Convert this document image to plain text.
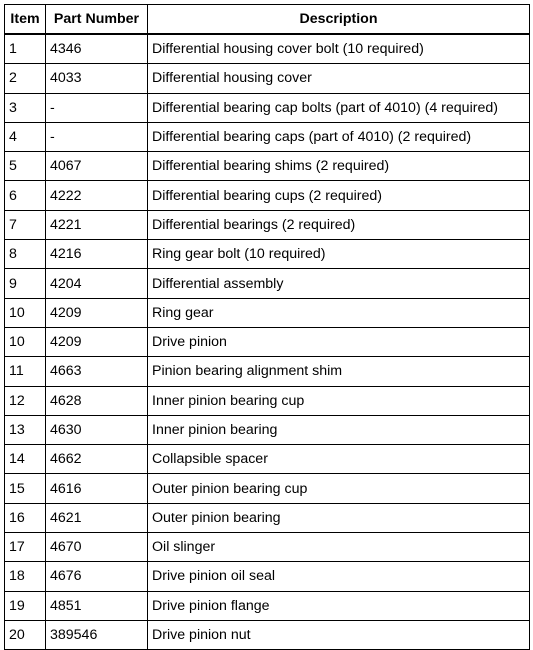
Item	Part Number	Description
1	4346	Differential housing cover bolt (10 required)
2	4033	Differential housing cover
3	-	Differential bearing cap bolts (part of 4010) (4 required)
4	-	Differential bearing caps (part of 4010) (2 required)
5	4067	Differential bearing shims (2 required)
6	4222	Differential bearing cups (2 required)
7	4221	Differential bearings (2 required)
8	4216	Ring gear bolt (10 required)
9	4204	Differential assembly
10	4209	Ring gear
10	4209	Drive pinion
11	4663	Pinion bearing alignment shim
12	4628	Inner pinion bearing cup
13	4630	Inner pinion bearing
14	4662	Collapsible spacer
15	4616	Outer pinion bearing cup
16	4621	Outer pinion bearing
17	4670	Oil slinger
18	4676	Drive pinion oil seal
19	4851	Drive pinion flange
20	389546	Drive pinion nut
